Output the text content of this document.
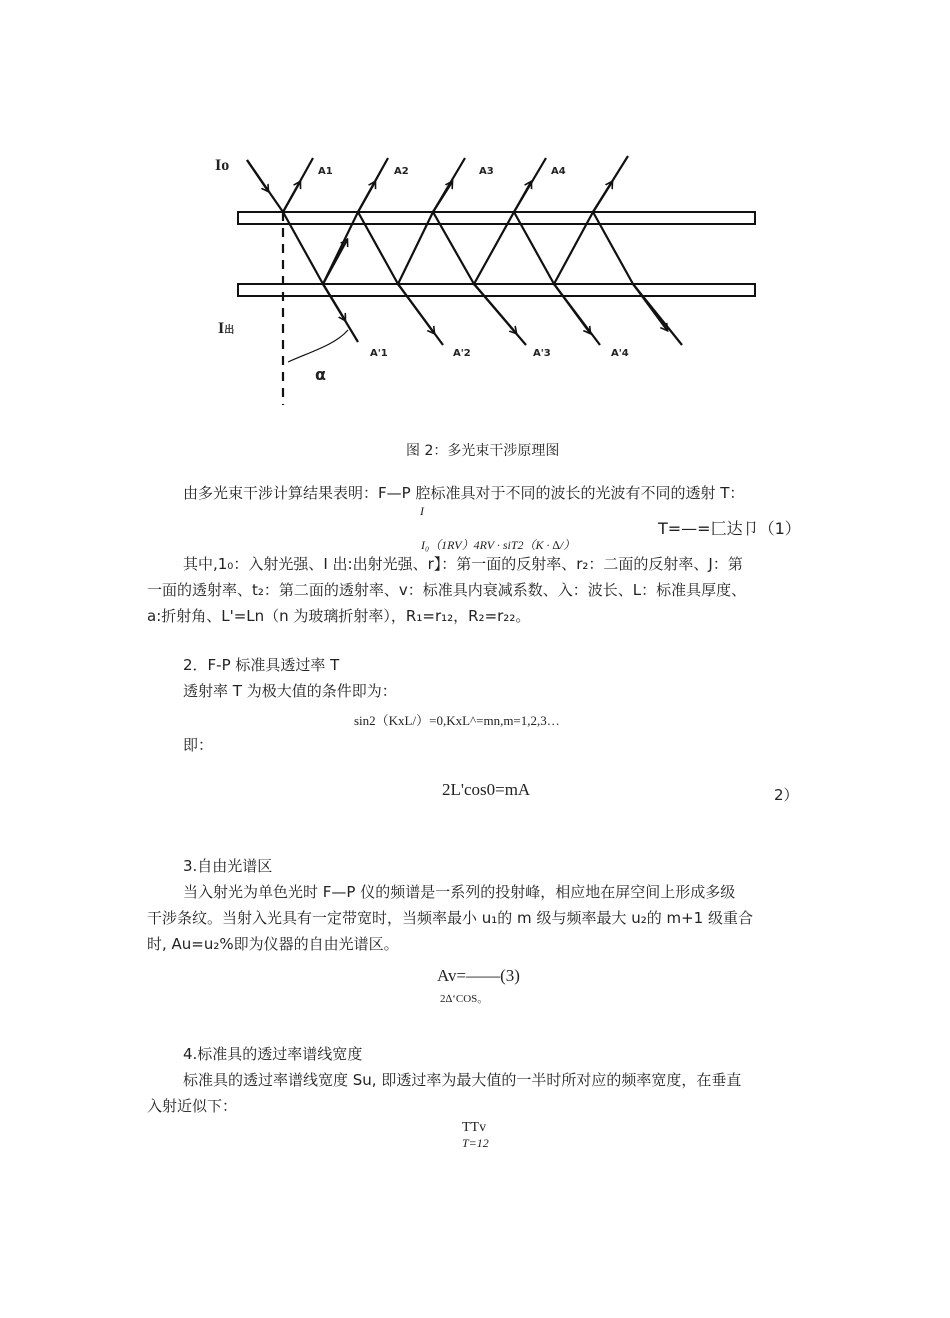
Io
I出
α
A1	A2	A3	A4
A'1	A'2	A'3	A'4
图 2：多光束干涉原理图
由多光束干涉计算结果表明：F—P 腔标准具对于不同的波长的光波有不同的透射 T：
I
T=—=匚达卩（1）
I₀（1RV）4RV · siT2（K · ∆/）
其中,1₀：入射光强、I 出:出射光强、r】：第一面的反射率、r₂：二面的反射率、J：第
一面的透射率、t₂：第二面的透射率、v：标准具内衰减系数、入：波长、L：标准具厚度、
a:折射角、L'=Ln（n 为玻璃折射率），R₁=r₁₂，R₂=r₂₂。
2．F-P 标准具透过率 T
透射率 T 为极大值的条件即为：
sin2（KxL/）=0,KxL^=mn,m=1,2,3…
即：
2L'cos0=mA	2）
3.自由光谱区
当入射光为单色光时 F—P 仪的频谱是一系列的投射峰，相应地在屏空间上形成多级
干涉条纹。当射入光具有一定带宽时，当频率最小 u₁的 m 级与频率最大 u₂的 m+1 级重合
时, Au=u₂%即为仪器的自由光谱区。
Av=——(3)
2∆‘COS。
4.标准具的透过率谱线宽度
标准具的透过率谱线宽度 Su, 即透过率为最大值的一半时所对应的频率宽度，在垂直
入射近似下：
TTv
T=12
